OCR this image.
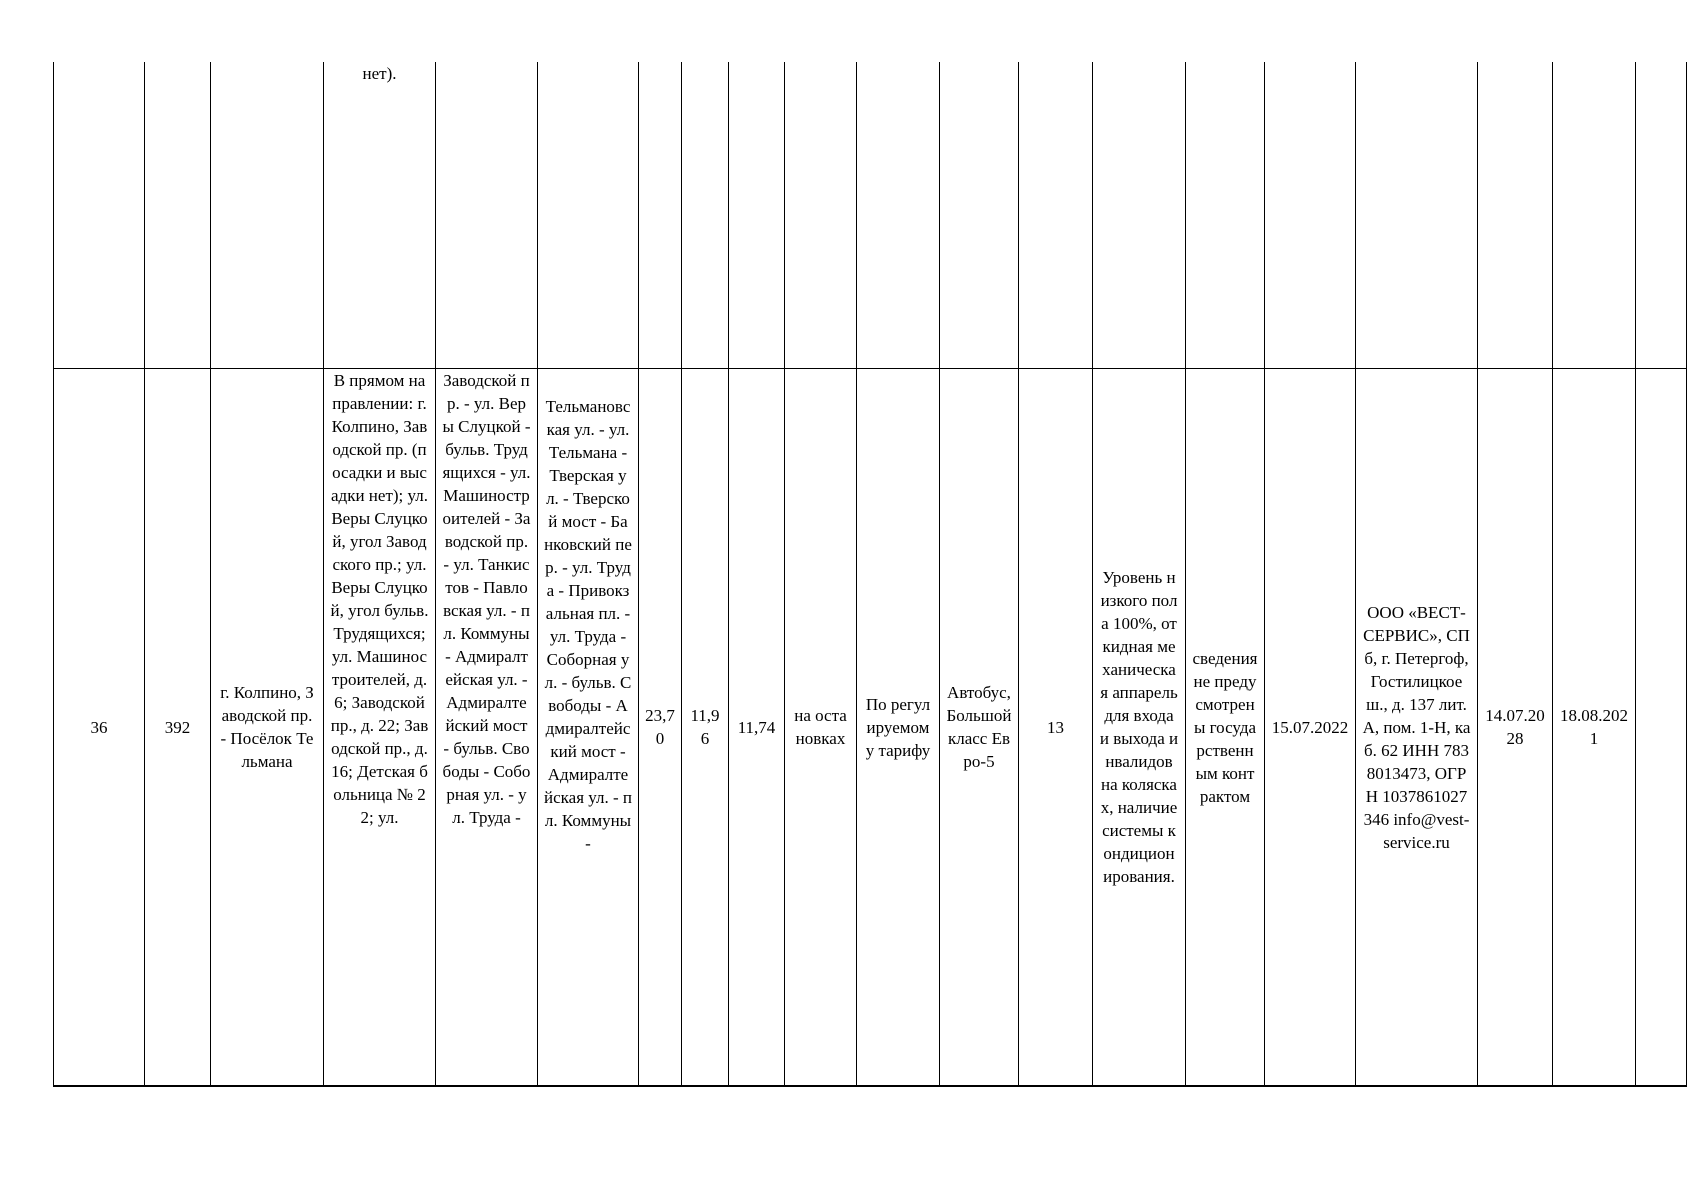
нет).
36	392
г. Колпино, Заводской пр. - Посёлок Тельмана
В прямом направлении: г. Колпино, Заводской пр. (посадки и высадки нет); ул. Веры Слуцкой, угол Заводского пр.; ул. Веры Слуцкой, угол бульв. Трудящихся; ул. Машиностроителей, д. 6; Заводской пр., д. 22; Заводской пр., д. 16; Детская больница № 22; ул.
Заводской пр. - ул. Веры Слуцкой - бульв. Трудящихся - ул. Машиностроителей - Заводской пр. - ул. Танкистов - Павловская ул. - пл. Коммуны - Адмиралтейская ул. - Адмиралтейский мост - бульв. Свободы - Соборная ул. - ул. Труда -
Тельмановская ул. - ул. Тельмана - Тверская ул. - Тверской мост - Банковский пер. - ул. Труда - Привокзальная пл. - ул. Труда - Соборная ул. - бульв. Свободы - Адмиралтейский мост - Адмиралтейская ул. - пл. Коммуны -
23,70
11,96
11,74
на остановках
По регулируемому тарифу
Автобус, Большой класс Евро-5
13
Уровень низкого пола 100%, откидная механическая аппарель для входа и выхода инвалидов на колясках, наличие системы кондиционирования.
сведения не предусмотрены государственным контрактом
15.07.2022
ООО «ВЕСТ-СЕРВИС», СПб, г. Петергоф, Гостилицкое ш., д. 137 лит. А, пом. 1-Н, каб. 62 ИНН 7838013473, ОГРН 1037861027346 info@vest-service.ru
14.07.2028
18.08.2021
